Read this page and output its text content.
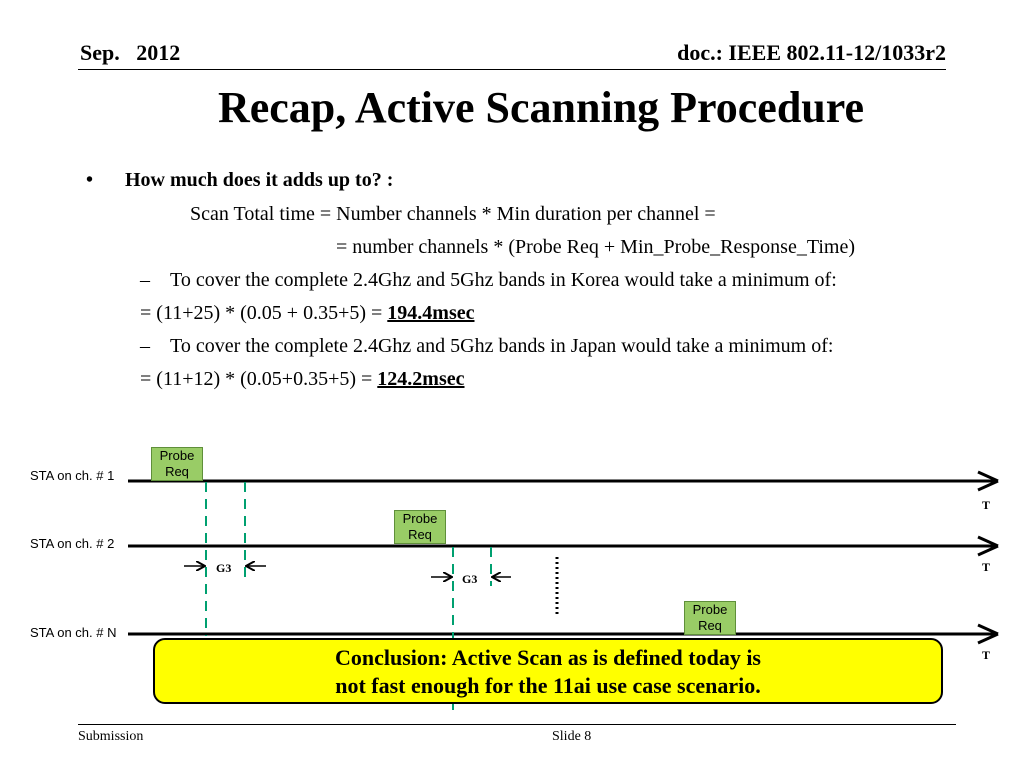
Sep.   2012	doc.: IEEE 802.11-12/1033r2
Recap, Active Scanning Procedure
• How much does it adds up to? :
Scan Total time = Number channels * Min duration per channel =
= number channels * (Probe Req + Min_Probe_Response_Time)
– To cover the complete 2.4Ghz and 5Ghz bands in Korea would take a minimum of:
= (11+25) * (0.05 + 0.35+5) = 194.4msec
– To cover the complete 2.4Ghz and 5Ghz bands in Japan would take a minimum of:
= (11+12) * (0.05+0.35+5) = 124.2msec
STA on ch. # 1
STA on ch. # 2
STA on ch. # N
Probe Req
Probe Req
Probe Req
G3
G3
T
T
T
Conclusion: Active Scan as is defined today is
not fast enough for the 11ai use case scenario.
Submission	Slide 8
